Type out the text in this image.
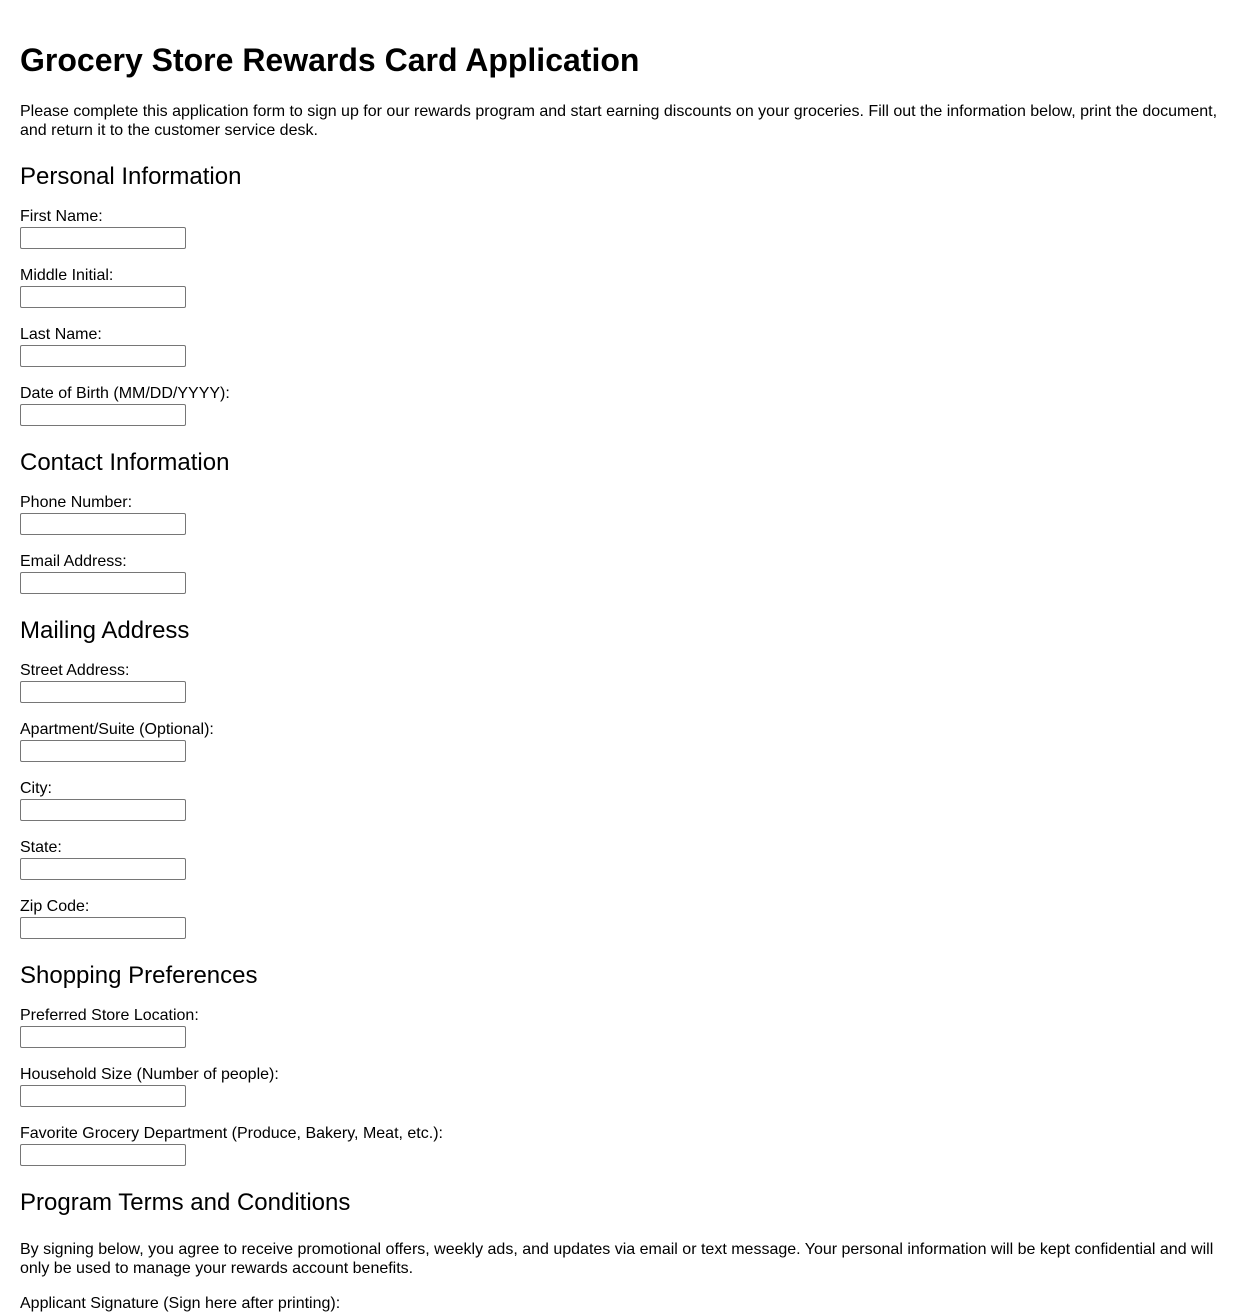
Grocery Store Rewards Card Application

Please complete this application form to sign up for our rewards program and start earning discounts on your groceries. Fill out the information below, print the document, and return it to the customer service desk.

Personal Information
First Name:
Middle Initial:
Last Name:
Date of Birth (MM/DD/YYYY):
Contact Information
Phone Number:
Email Address:
Mailing Address
Street Address:
Apartment/Suite (Optional):
City:
State:
Zip Code:
Shopping Preferences
Preferred Store Location:
Household Size (Number of people):
Favorite Grocery Department (Produce, Bakery, Meat, etc.):
Program Terms and Conditions

By signing below, you agree to receive promotional offers, weekly ads, and updates via email or text message. Your personal information will be kept confidential and will only be used to manage your rewards account benefits.

Applicant Signature (Sign here after printing):
